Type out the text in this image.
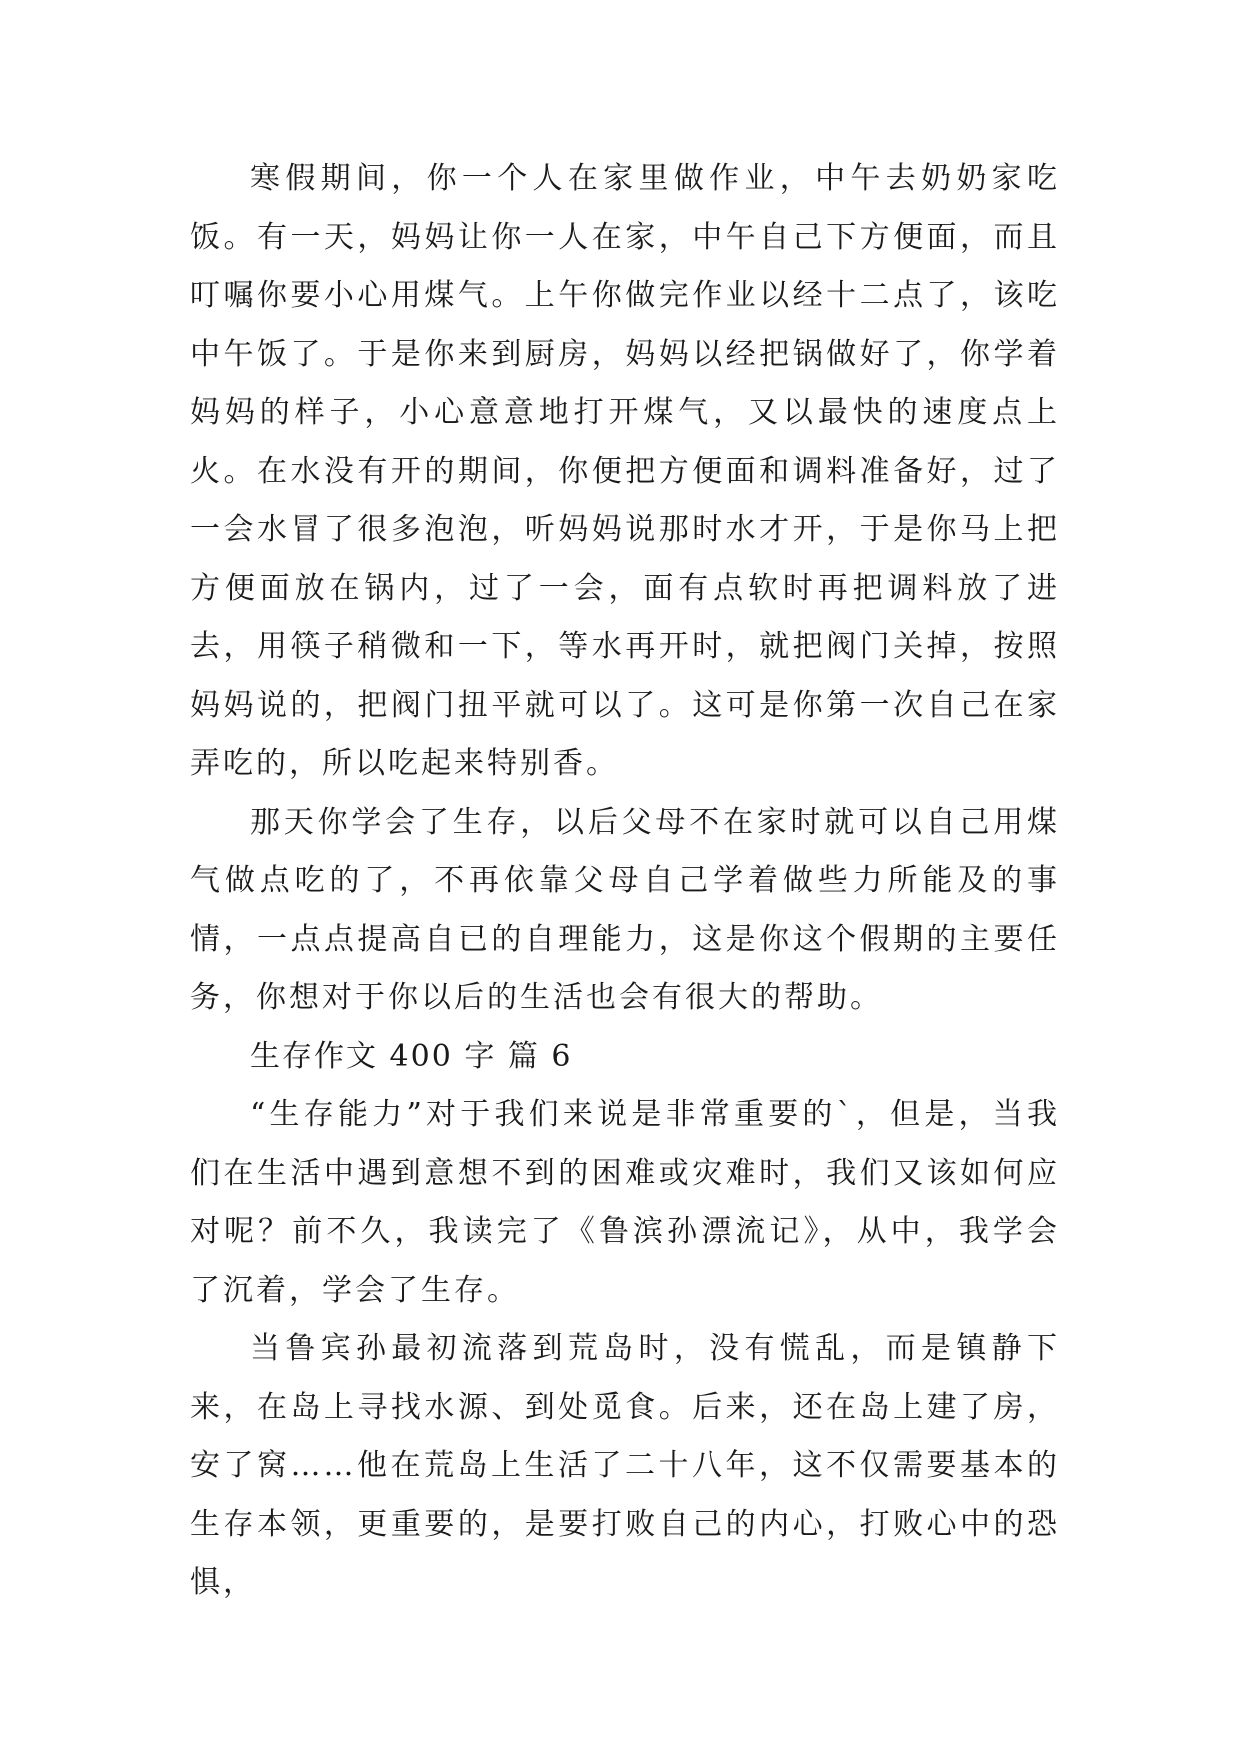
寒假期间，你一个人在家里做作业，中午去奶奶家吃饭。有一天，妈妈让你一人在家，中午自己下方便面，而且叮嘱你要小心用煤气。上午你做完作业以经十二点了，该吃中午饭了。于是你来到厨房，妈妈以经把锅做好了，你学着妈妈的样子，小心意意地打开煤气，又以最快的速度点上火。在水没有开的期间，你便把方便面和调料准备好，过了一会水冒了很多泡泡，听妈妈说那时水才开，于是你马上把方便面放在锅内，过了一会，面有点软时再把调料放了进去，用筷子稍微和一下，等水再开时，就把阀门关掉，按照妈妈说的，把阀门扭平就可以了。这可是你第一次自己在家弄吃的，所以吃起来特别香。

那天你学会了生存，以后父母不在家时就可以自己用煤气做点吃的了，不再依靠父母自己学着做些力所能及的事情，一点点提高自已的自理能力，这是你这个假期的主要任务，你想对于你以后的生活也会有很大的帮助。

生存作文 400 字 篇 6

“生存能力”对于我们来说是非常重要的`，但是，当我们在生活中遇到意想不到的困难或灾难时，我们又该如何应对呢？前不久，我读完了《鲁滨孙漂流记》，从中，我学会了沉着，学会了生存。

当鲁宾孙最初流落到荒岛时，没有慌乱，而是镇静下来，在岛上寻找水源、到处觅食。后来，还在岛上建了房，安了窝……他在荒岛上生活了二十八年，这不仅需要基本的生存本领，更重要的，是要打败自己的内心，打败心中的恐惧，
